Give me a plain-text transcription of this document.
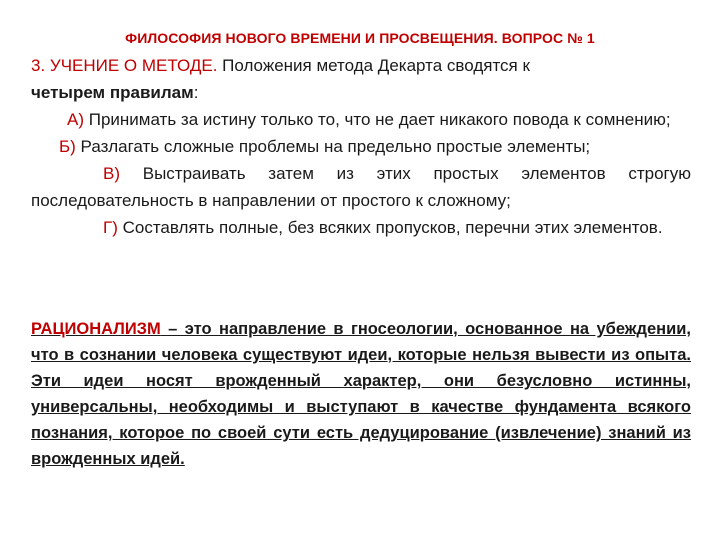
ФИЛОСОФИЯ НОВОГО ВРЕМЕНИ И ПРОСВЕЩЕНИЯ. ВОПРОС № 1

3. УЧЕНИЕ О МЕТОДЕ. Положения метода Декарта сводятся к
четырем правилам:

А) Принимать за истину только то, что не дает никакого повода к сомнению;

Б) Разлагать сложные проблемы на предельно простые элементы;

В) Выстраивать затем из этих простых элементов строгую последовательность в направлении от простого к сложному;

Г) Составлять полные, без всяких пропусков, перечни этих элементов.

РАЦИОНАЛИЗМ – это направление в гносеологии, основанное на убеждении, что в сознании человека существуют идеи, которые нельзя вывести из опыта. Эти идеи носят врожденный характер, они безусловно истинны, универсальны, необходимы и выступают в качестве фундамента всякого познания, которое по своей сути есть дедуцирование (извлечение) знаний из врожденных идей.
